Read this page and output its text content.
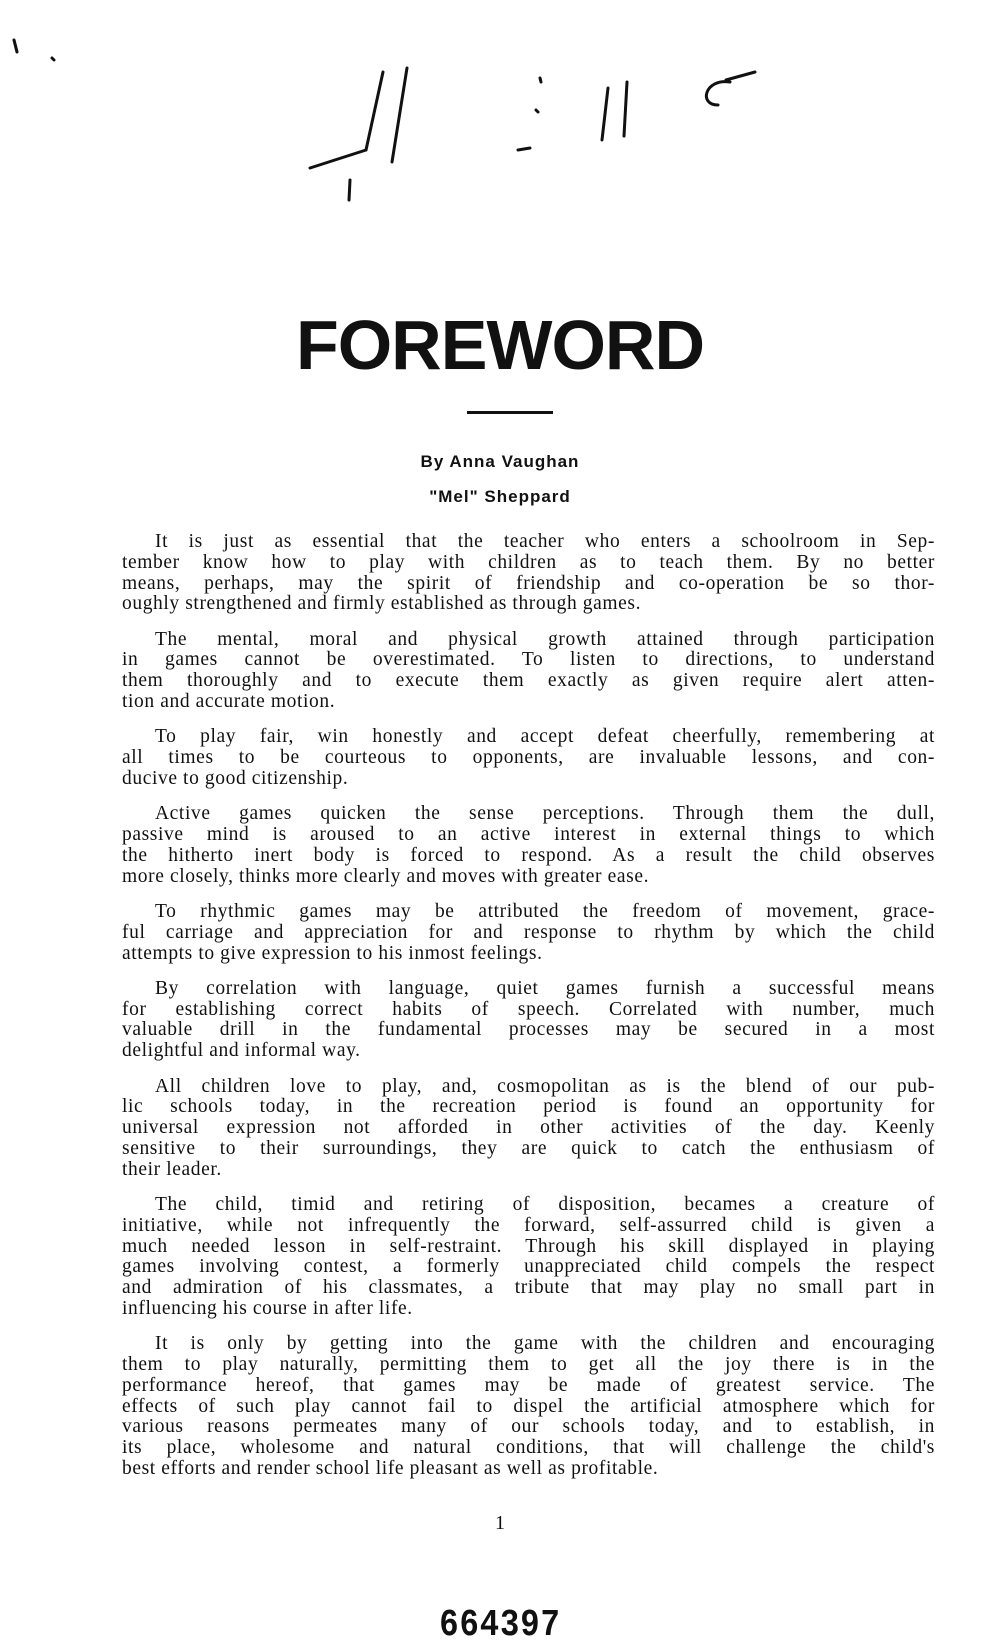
FOREWORD
By Anna Vaughan
"Mel" Sheppard
It is just as essential that the teacher who enters a schoolroom in Sep-
tember know how to play with children as to teach them. By no better
means, perhaps, may the spirit of friendship and co-operation be so thor-
oughly strengthened and firmly established as through games.
The mental, moral and physical growth attained through participation
in games cannot be overestimated. To listen to directions, to understand
them thoroughly and to execute them exactly as given require alert atten-
tion and accurate motion.
To play fair, win honestly and accept defeat cheerfully, remembering at
all times to be courteous to opponents, are invaluable lessons, and con-
ducive to good citizenship.
Active games quicken the sense perceptions. Through them the dull,
passive mind is aroused to an active interest in external things to which
the hitherto inert body is forced to respond. As a result the child observes
more closely, thinks more clearly and moves with greater ease.
To rhythmic games may be attributed the freedom of movement, grace-
ful carriage and appreciation for and response to rhythm by which the child
attempts to give expression to his inmost feelings.
By correlation with language, quiet games furnish a successful means
for establishing correct habits of speech. Correlated with number, much
valuable drill in the fundamental processes may be secured in a most
delightful and informal way.
All children love to play, and, cosmopolitan as is the blend of our pub-
lic schools today, in the recreation period is found an opportunity for
universal expression not afforded in other activities of the day. Keenly
sensitive to their surroundings, they are quick to catch the enthusiasm of
their leader.
The child, timid and retiring of disposition, becames a creature of
initiative, while not infrequently the forward, self-assurred child is given a
much needed lesson in self-restraint. Through his skill displayed in playing
games involving contest, a formerly unappreciated child compels the respect
and admiration of his classmates, a tribute that may play no small part in
influencing his course in after life.
It is only by getting into the game with the children and encouraging
them to play naturally, permitting them to get all the joy there is in the
performance hereof, that games may be made of greatest service. The
effects of such play cannot fail to dispel the artificial atmosphere which for
various reasons permeates many of our schools today, and to establish, in
its place, wholesome and natural conditions, that will challenge the child's
best efforts and render school life pleasant as well as profitable.
1
664397
